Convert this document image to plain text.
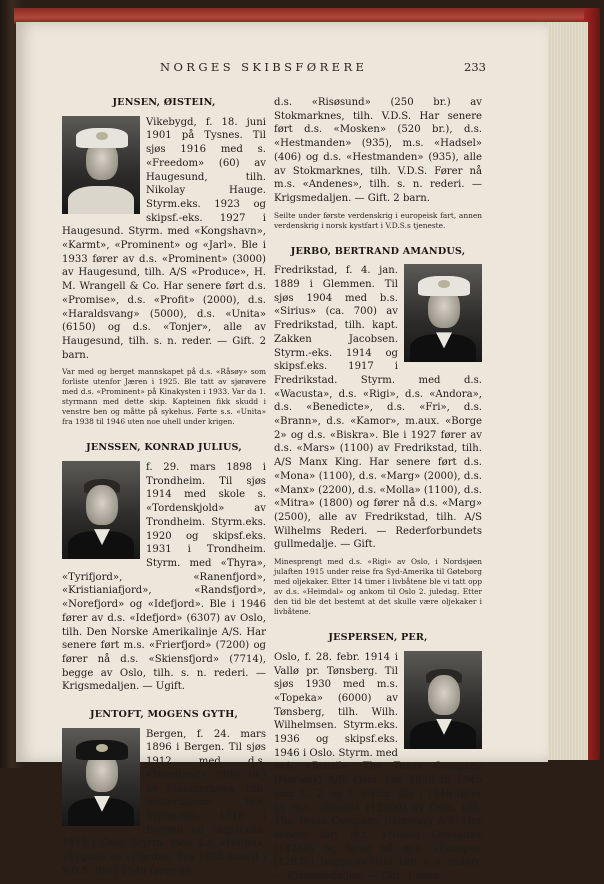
NORGES SKIBSFØRERE	233
JENSEN, ØISTEIN,

Vikebygd, f. 18. juni 1901 på Tysnes. Til sjøs 1916 med s. «Freedom» (60) av Haugesund, tilh. Nikolay Hauge. Styrm.eks. 1923 og skipsf.-eks. 1927 i Haugesund. Styrm. med «Kongshavn», «Karmt», «Prominent» og «Jarl». Ble i 1933 fører av d.s. «Prominent» (3000) av Haugesund, tilh. A/S «Produce», H. M. Wrangell & Co. Har senere ført d.s. «Promise», d.s. «Profit» (2000), d.s. «Haraldsvang» (5000), d.s. «Unita» (6150) og d.s. «Tonjer», alle av Haugesund, tilh. s. n. reder. — Gift. 2 barn.

Var med og berget mannskapet på d.s. «Råsøy» som forliste utenfor Jæren i 1925. Ble tatt av sjørøvere med d.s. «Prominent» på Kinakysten i 1933. Var da 1. styrmann med dette skip. Kapteinen fikk skudd i venstre ben og måtte på sykehus. Førte s.s. «Unita» fra 1938 til 1946 uten noe uhell under krigen.

JENSSEN, KONRAD JULIUS,

f. 29. mars 1898 i Trondheim. Til sjøs 1914 med skole s. «Tordenskjold» av Trondheim. Styrm.eks. 1920 og skipsf.eks. 1931 i Trondheim. Styrm. med «Thyra», «Tyrifjord», «Ranenfjord», «Kristianiafjord», «Randsfjord», «Norefjord» og «Idefjord». Ble i 1946 fører av d.s. «Idefjord» (6307) av Oslo, tilh. Den Norske Amerikalinje A/S. Har senere ført m.s. «Frierfjord» (7200) og fører nå d.s. «Skiensfjord» (7714), begge av Oslo, tilh. s. n. rederi. — Krigsmedaljen. — Ugift.

JENTOFT, MOGENS GYTH,

Bergen, f. 24. mars 1896 i Bergen. Til sjøs 1912 med d.s. «Nordland» (900 br.) av Stokmarknes, tilh. Vesteraalens D/S. Styrm.eks. 1918 i Bergen og skipsf.eks. 1919 i Oslo. Styrm. med d.s. «Heina», «Sygna» og «Hørda». Fra 1928 ansatt i V.D.S. Ble i 1949 fører av

d.s. «Risøsund» (250 br.) av Stokmarknes, tilh. V.D.S. Har senere ført d.s. «Mosken» (520 br.), d.s. «Hestmanden» (935), m.s. «Hadsel» (406) og d.s. «Hestmanden» (935), alle av Stokmarknes, tilh. V.D.S. Fører nå m.s. «Andenes», tilh. s. n. rederi. — Krigsmedaljen. — Gift. 2 barn.

Seilte under første verdenskrig i europeisk fart, annen verdenskrig i norsk kystfart i V.D.S.s tjeneste.

JERBO, BERTRAND AMANDUS,

Fredrikstad, f. 4. jan. 1889 i Glemmen. Til sjøs 1904 med b.s. «Sirius» (ca. 700) av Fredrikstad, tilh. kapt. Zakken Jacobsen. Styrm.-eks. 1914 og skipsf.eks. 1917 i Fredrikstad. Styrm. med d.s. «Wacusta», d.s. «Rigi», d.s. «Andora», d.s. «Benedicte», d.s. «Fri», d.s. «Brann», d.s. «Kamor», m.aux. «Borge 2» og d.s. «Biskra». Ble i 1927 fører av d.s. «Mars» (1100) av Fredrikstad, tilh. A/S Manx King. Har senere ført d.s. «Mona» (1100), d.s. «Marg» (2000), d.s. «Manx» (2200), d.s. «Molla» (1100), d.s. «Mitra» (1800) og fører nå d.s. «Marg» (2500), alle av Fredrikstad, tilh. A/S Wilhelms Rederi. — Rederforbundets gullmedalje. — Gift.

Minesprengt med d.s. «Rigi» av Oslo, i Nordsjøen julaften 1915 under reise fra Syd-Amerika til Gøteborg med oljekaker. Etter 14 timer i livbåtene ble vi tatt opp av d.s. «Heimdal» og ankom til Oslo 2. juledag. Etter den tid ble det bestemt at det skulle være oljekaker i livbåtene.

JESPERSEN, PER,

Oslo, f. 28. febr. 1914 i Vallø pr. Tønsberg. Til sjøs 1930 med m.s. «Topeka» (6000) av Tønsberg, tilh. Wilh. Wilhelmsen. Styrm.eks. 1936 og skipsf.eks. 1946 i Oslo. Styrm. med m.t. «Brasil», The Texas Company (Norway) A/S, Oslo. Fra 1938 til 1945 som 3., 2. og 1. styrm. Ble i 1946 fører av m.t. «Brasil» (12300) av Oslo, tilh. The Texas Company (Norway) A/S. Har senere ført m.t. «Nueva Granada» (14250) og fører nå m.t. «Europe» (12835), begge av Oslo, tilh. s. n. rederi. — Krigsmedaljen. — Gift. 1 barn.
